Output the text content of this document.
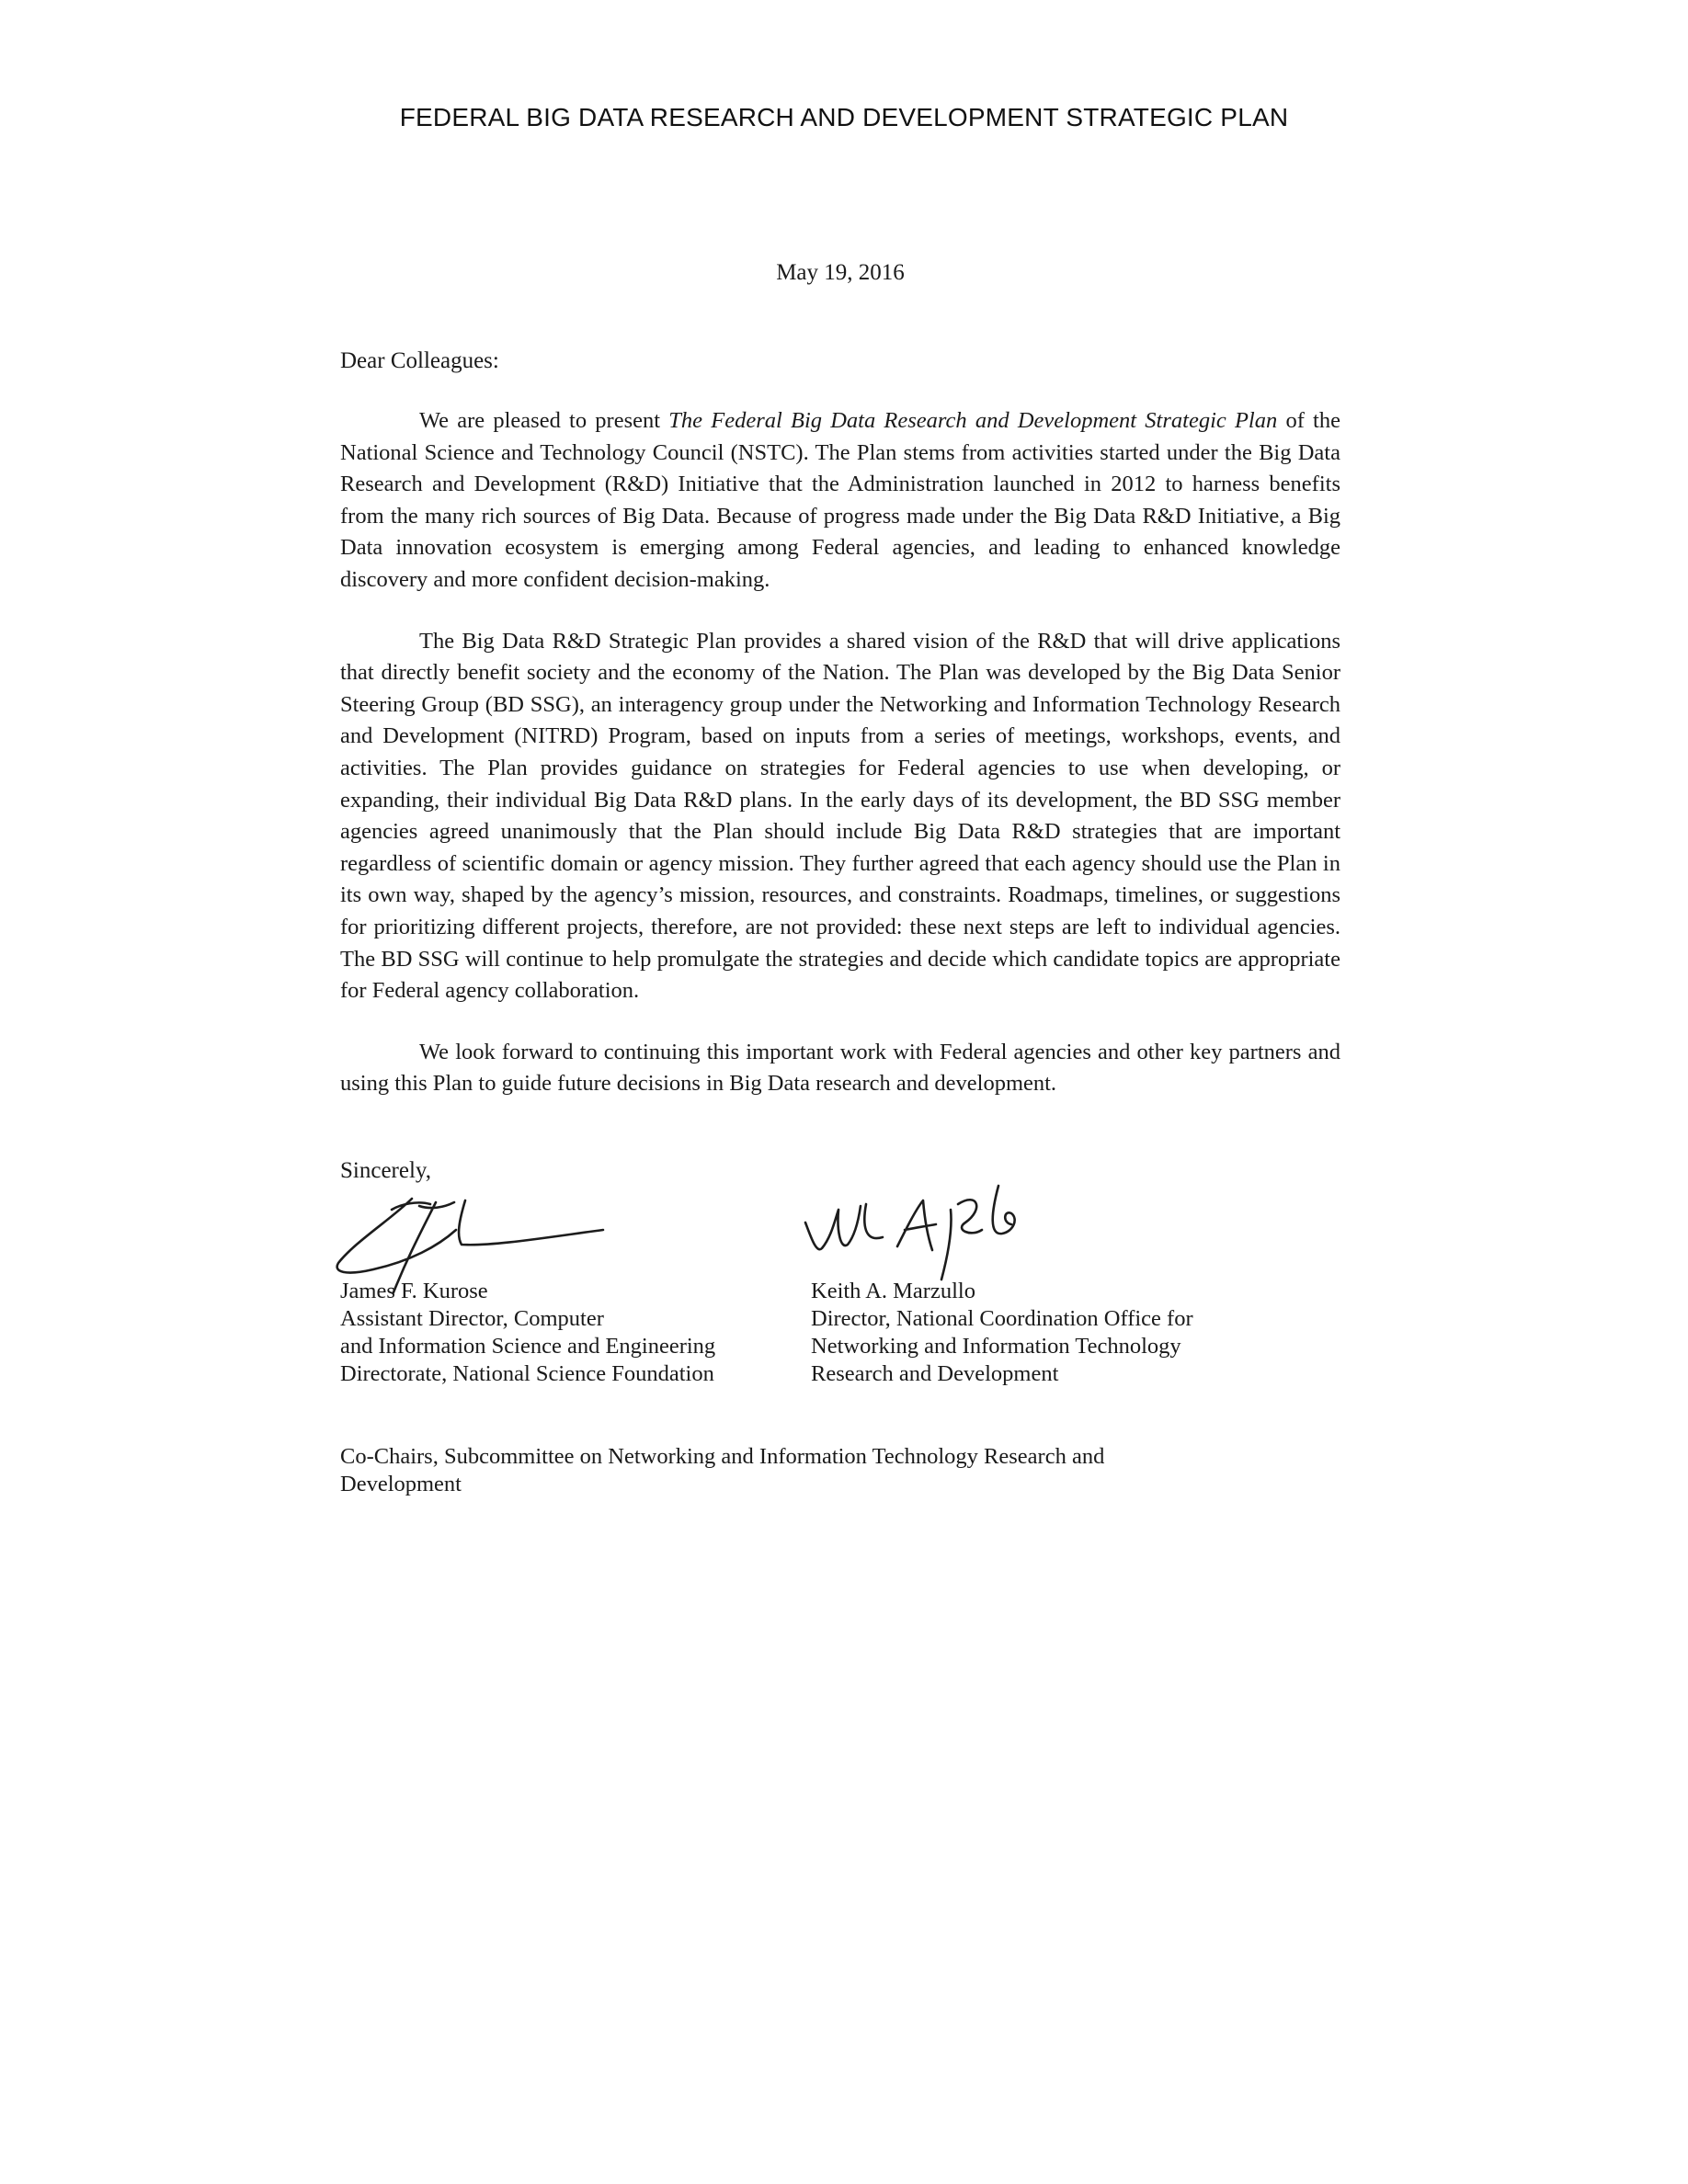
FEDERAL BIG DATA RESEARCH AND DEVELOPMENT STRATEGIC PLAN
May 19, 2016
Dear Colleagues:

We are pleased to present The Federal Big Data Research and Development Strategic Plan of the National Science and Technology Council (NSTC). The Plan stems from activities started under the Big Data Research and Development (R&D) Initiative that the Administration launched in 2012 to harness benefits from the many rich sources of Big Data. Because of progress made under the Big Data R&D Initiative, a Big Data innovation ecosystem is emerging among Federal agencies, and leading to enhanced knowledge discovery and more confident decision-making.

The Big Data R&D Strategic Plan provides a shared vision of the R&D that will drive applications that directly benefit society and the economy of the Nation. The Plan was developed by the Big Data Senior Steering Group (BD SSG), an interagency group under the Networking and Information Technology Research and Development (NITRD) Program, based on inputs from a series of meetings, workshops, events, and activities. The Plan provides guidance on strategies for Federal agencies to use when developing, or expanding, their individual Big Data R&D plans. In the early days of its development, the BD SSG member agencies agreed unanimously that the Plan should include Big Data R&D strategies that are important regardless of scientific domain or agency mission. They further agreed that each agency should use the Plan in its own way, shaped by the agency’s mission, resources, and constraints. Roadmaps, timelines, or suggestions for prioritizing different projects, therefore, are not provided: these next steps are left to individual agencies. The BD SSG will continue to help promulgate the strategies and decide which candidate topics are appropriate for Federal agency collaboration.

We look forward to continuing this important work with Federal agencies and other key partners and using this Plan to guide future decisions in Big Data research and development.

Sincerely,
James F. Kurose
Assistant Director, Computer
and Information Science and Engineering
Directorate, National Science Foundation
Keith A. Marzullo
Director, National Coordination Office for
Networking and Information Technology
Research and Development
Co-Chairs, Subcommittee on Networking and Information Technology Research and
Development
